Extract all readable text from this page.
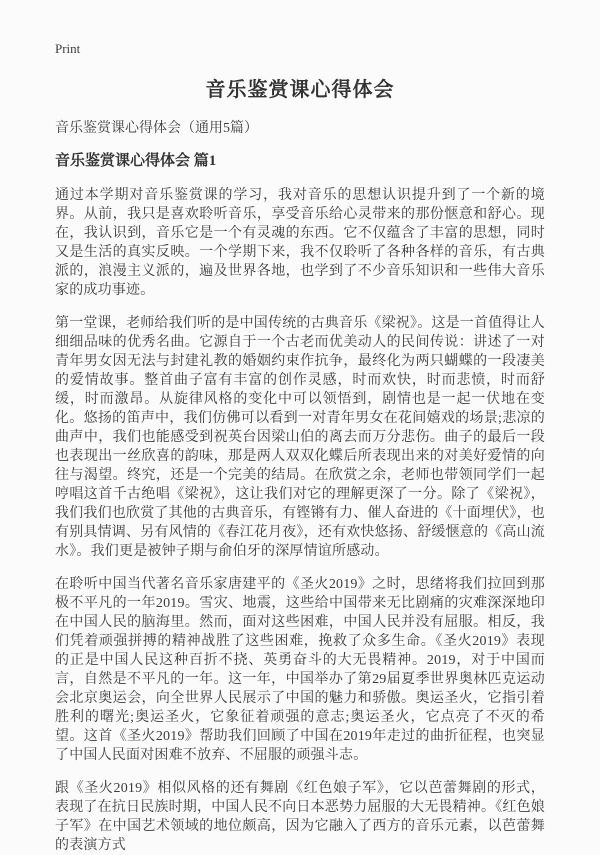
Print
音乐鉴赏课心得体会
音乐鉴赏课心得体会（通用5篇）
音乐鉴赏课心得体会 篇1

通过本学期对音乐鉴赏课的学习，我对音乐的思想认识提升到了一个新的境界。从前，我只是喜欢聆听音乐，享受音乐给心灵带来的那份惬意和舒心。现在，我认识到，音乐它是一个有灵魂的东西。它不仅蕴含了丰富的思想，同时又是生活的真实反映。一个学期下来，我不仅聆听了各种各样的音乐，有古典派的，浪漫主义派的，遍及世界各地，也学到了不少音乐知识和一些伟大音乐家的成功事迹。

第一堂课，老师给我们听的是中国传统的古典音乐《梁祝》。这是一首值得让人细细品味的优秀名曲。它源自于一个古老而优美动人的民间传说：讲述了一对青年男女因无法与封建礼教的婚姻约束作抗争，最终化为两只蝴蝶的一段凄美的爱情故事。整首曲子富有丰富的创作灵感，时而欢快，时而悲愤，时而舒缓，时而激昂。从旋律风格的变化中可以领悟到，剧情也是一起一伏地在变化。悠扬的笛声中，我们仿佛可以看到一对青年男女在花间嬉戏的场景;悲凉的曲声中，我们也能感受到祝英台因梁山伯的离去而万分悲伤。曲子的最后一段也表现出一丝欣喜的韵味，那是两人双双化蝶后所表现出来的对美好爱情的向往与渴望。终究，还是一个完美的结局。在欣赏之余，老师也带领同学们一起哼唱这首千古绝唱《梁祝》，这让我们对它的理解更深了一分。除了《梁祝》，我们我们也欣赏了其他的古典音乐，有铿锵有力、催人奋进的《十面埋伏》，也有别具情调、另有风情的《春江花月夜》，还有欢快悠扬、舒缓惬意的《高山流水》。我们更是被钟子期与俞伯牙的深厚情谊所感动。

在聆听中国当代著名音乐家唐建平的《圣火2019》之时，思绪将我们拉回到那极不平凡的一年2019。雪灾、地震，这些给中国带来无比剧痛的灾难深深地印在中国人民的脑海里。然而，面对这些困难，中国人民并没有屈服。相反，我们凭着顽强拼搏的精神战胜了这些困难，挽救了众多生命。《圣火2019》表现的正是中国人民这种百折不挠、英勇奋斗的大无畏精神。2019，对于中国而言，自然是不平凡的一年。这一年，中国举办了第29届夏季世界奥林匹克运动会北京奥运会，向全世界人民展示了中国的魅力和骄傲。奥运圣火，它指引着胜利的曙光;奥运圣火，它象征着顽强的意志;奥运圣火，它点亮了不灭的希望。这首《圣火2019》帮助我们回顾了中国在2019年走过的曲折征程，也突显了中国人民面对困难不放弃、不屈服的顽强斗志。

跟《圣火2019》相似风格的还有舞剧《红色娘子军》，它以芭蕾舞剧的形式，表现了在抗日民族时期，中国人民不向日本恶势力屈服的大无畏精神。《红色娘子军》在中国艺术领域的地位颇高，因为它融入了西方的音乐元素，以芭蕾舞的表演方式
